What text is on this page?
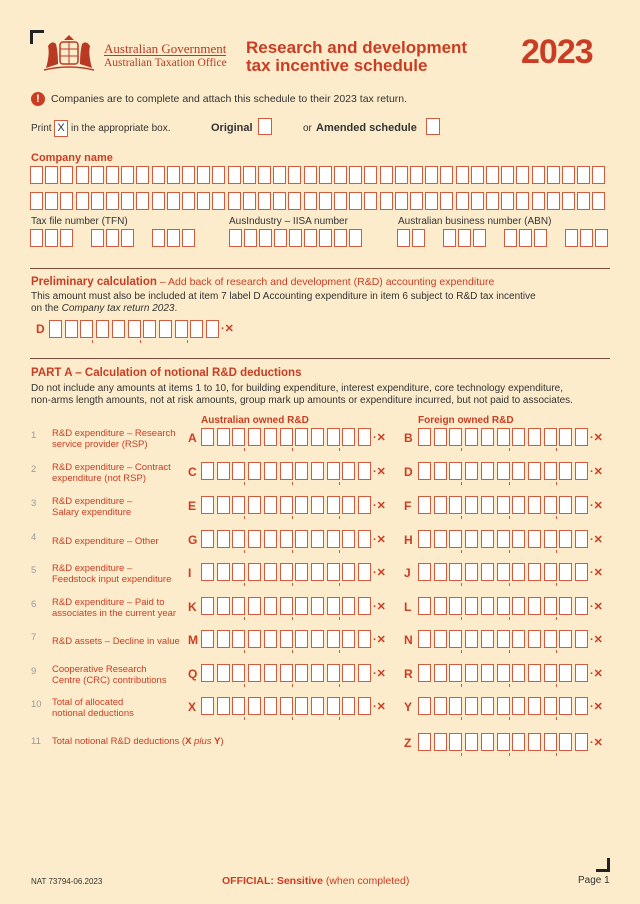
Australian Government
Australian Taxation Office
Research and development
tax incentive schedule	2023
!	Companies are to complete and attach this schedule to their 2023 tax return.
Print X in the appropriate box.	Original	or Amended schedule
Company name
Tax file number (TFN)	AusIndustry – IISA number	Australian business number (ABN)
Preliminary calculation – Add back of research and development (R&D) accounting expenditure
This amount must also be included at item 7 label D Accounting expenditure in item 6 subject to R&D tax incentive
on the Company tax return 2023.
D	·✕
PART A – Calculation of notional R&D deductions
Do not include any amounts at items 1 to 10, for building expenditure, interest expenditure, core technology expenditure,
non-arms length amounts, not at risk amounts, group mark up amounts or expenditure incurred, but not paid to associates.
Australian owned R&D	Foreign owned R&D
1 R&D expenditure – Research
service provider (RSP)	A	·✕ B	·✕
2 R&D expenditure – Contract
expenditure (not RSP)	C	·✕ D	·✕
3 R&D expenditure –
Salary expenditure	E	·✕ F	·✕
4 R&D expenditure – Other G	·✕ H	·✕
5 R&D expenditure –
Feedstock input expenditure I	·✕ J	·✕
6 R&D expenditure – Paid to
associates in the current year K	·✕ L	·✕
7 R&D assets – Decline in value M	·✕ N	·✕
9 Cooperative Research
Centre (CRC) contributions Q	·✕ R	·✕
10 Total of allocated
notional deductions	X	·✕ Y	·✕
11 Total notional R&D deductions (X plus Y)	Z	·✕
NAT 73794-06.2023	OFFICIAL: Sensitive (when completed)	Page 1
